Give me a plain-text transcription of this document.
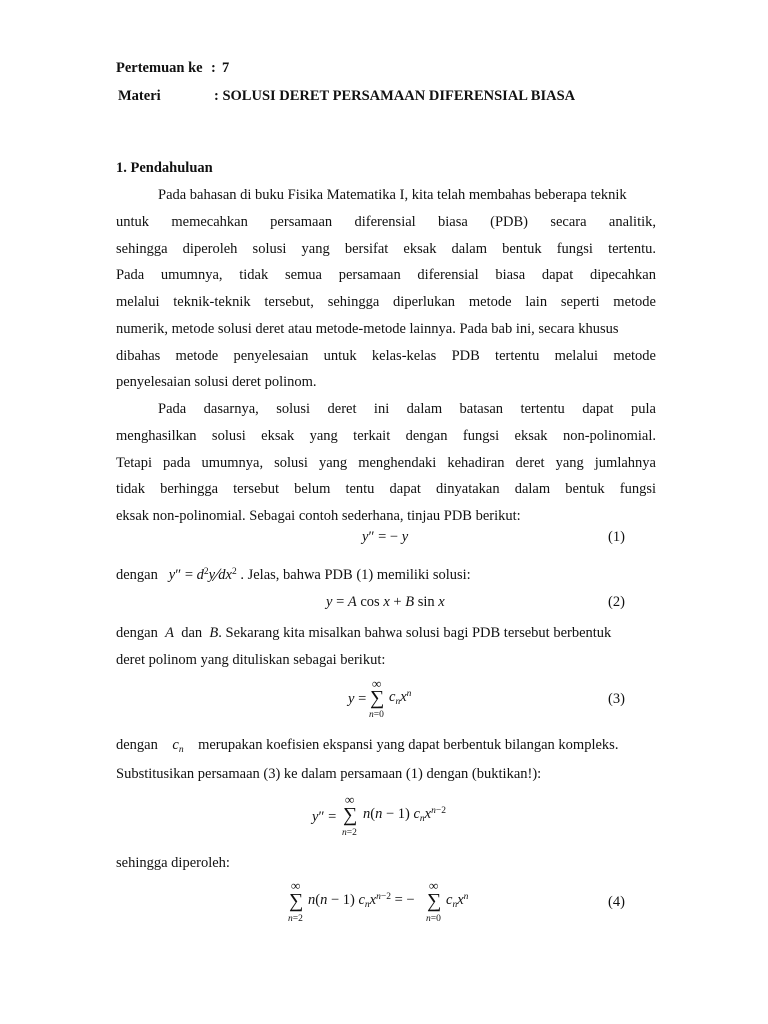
Pertemuan ke : 7
Materi	: SOLUSI DERET PERSAMAAN DIFERENSIAL BIASA
1. Pendahuluan
Pada bahasan di buku Fisika Matematika I, kita telah membahas beberapa teknik
untuk memecahkan persamaan diferensial biasa (PDB) secara analitik,
sehingga diperoleh solusi yang bersifat eksak dalam bentuk fungsi tertentu.
Pada umumnya, tidak semua persamaan diferensial biasa dapat dipecahkan
melalui teknik-teknik tersebut, sehingga diperlukan metode lain seperti metode
numerik, metode solusi deret atau metode-metode lainnya. Pada bab ini, secara khusus
dibahas metode penyelesaian untuk kelas-kelas PDB tertentu melalui metode
penyelesaian solusi deret polinom.
Pada dasarnya, solusi deret ini dalam batasan tertentu dapat pula
menghasilkan solusi eksak yang terkait dengan fungsi eksak non-polinomial.
Tetapi pada umumnya, solusi yang menghendaki kehadiran deret yang jumlahnya
tidak berhingga tersebut belum tentu dapat dinyatakan dalam bentuk fungsi
eksak non-polinomial. Sebagai contoh sederhana, tinjau PDB berikut:
y″ = − y	(1)
dengan $y'' = d^2y∕dx^2$ . Jelas, bahwa PDB (1) memiliki solusi:
y = A cos x + B sin x	(2)
dengan A dan B. Sekarang kita misalkan bahwa solusi bagi PDB tersebut berbentuk
deret polinom yang dituliskan sebagai berikut:
y =
∞
∑
n=0
$c_nx^n$	(3)
dengan $c_n$ merupakan koefisien ekspansi yang dapat berbentuk bilangan kompleks.
Substitusikan persamaan (3) ke dalam persamaan (1) dengan (buktikan!):
y″ =
∞
∑
n=2
n(n − 1) $c_nx^{n-2}$
sehingga diperoleh:
∞
∑
n=2
n(n − 1) $c_nx^{n-2}$ = −
∞
∑
n=0
$c_nx^n$	(4)
